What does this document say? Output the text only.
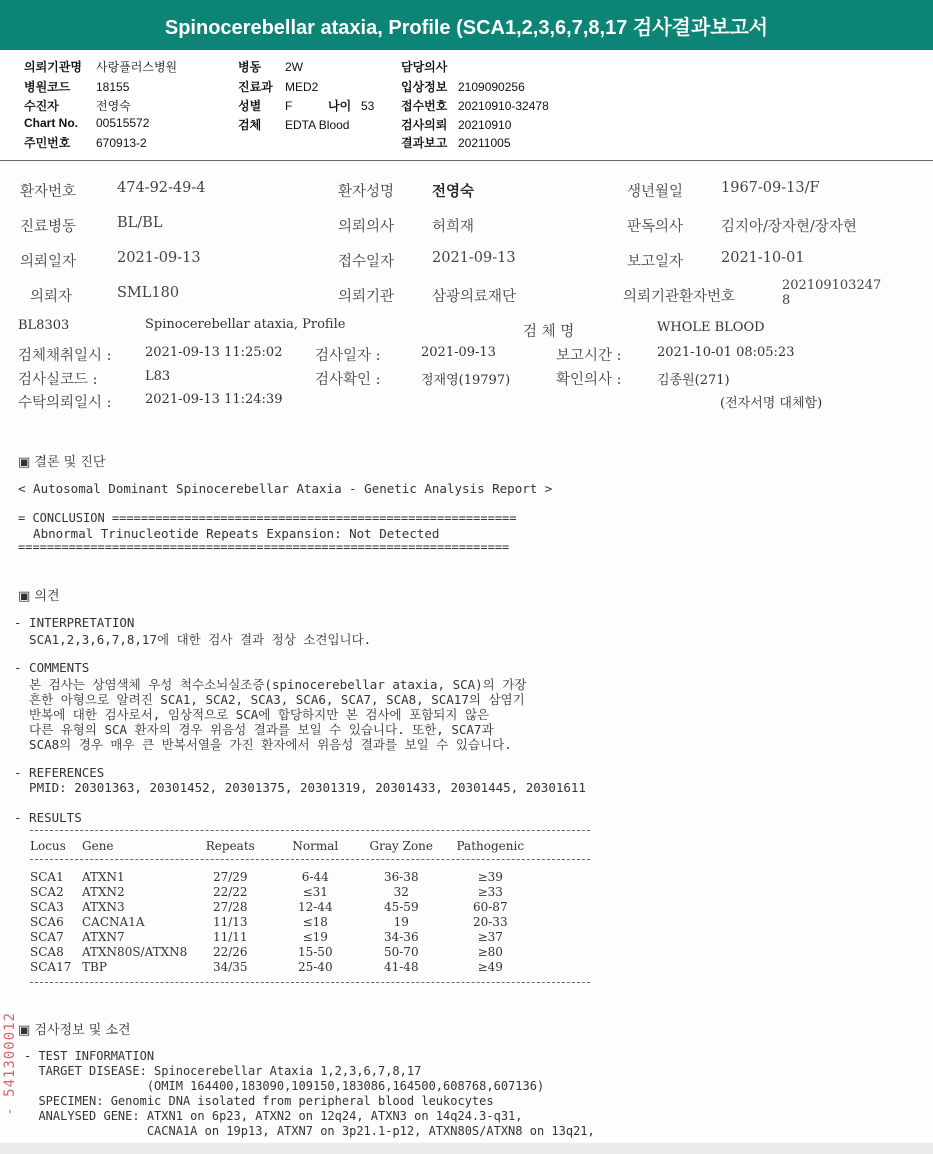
Spinocerebellar ataxia, Profile (SCA1,2,3,6,7,8,17 검사결과보고서
의뢰기관명 사랑플러스병원
병원코드 18155
수진자	전영숙
Chart No. 00515572
주민번호 670913-2
병동 2W
진료과 MED2
성별 F	나이 53
검체 EDTA Blood
담당의사
입상정보 2109090256
접수번호 20210910-32478
검사의뢰 20210910
결과보고 20211005
환자번호	474-92-49-4	환자성명	전영숙	생년월일	1967-09-13/F
진료병동	BL/BL	의뢰의사	허희재	판독의사	김지아/장자현/장자현
의뢰일자	2021-09-13	접수일자	2021-09-13	보고일자	2021-10-01
의뢰자	SML180	의뢰기관	삼광의료재단	의뢰기관환자번호
202109103247 8
BL8303	Spinocerebellar ataxia, Profile	검 체 명	WHOLE BLOOD
검체채취일시 :	2021-09-13 11:25:02 검사일자 :	2021-09-13	보고시간 :	2021-10-01 08:05:23
검사실코드 :	L83	검사확인 :	정재영(19797)	확인의사 :	김종원(271)
수탁의뢰일시 :	2021-09-13 11:24:39	(전자서명 대체함)
▣ 결론 및 진단
< Autosomal Dominant Spinocerebellar Ataxia - Genetic Analysis Report >
= CONCLUSION ========================================================
Abnormal Trinucleotide Repeats Expansion: Not Detected
====================================================================
▣ 의견
- INTERPRETATION
SCA1,2,3,6,7,8,17에 대한 검사 결과 정상 소견입니다.
- COMMENTS
본 검사는 상염색체 우성 척수소뇌실조증(spinocerebellar ataxia, SCA)의 가장
흔한 아형으로 알려진 SCA1, SCA2, SCA3, SCA6, SCA7, SCA8, SCA17의 삼염기
반복에 대한 검사로서, 임상적으로 SCA에 합당하지만 본 검사에 포함되지 않은
다른 유형의 SCA 환자의 경우 위음성 결과를 보일 수 있습니다. 또한, SCA7과
SCA8의 경우 매우 큰 반복서열을 가진 환자에서 위음성 결과를 보일 수 있습니다.
- REFERENCES
PMID: 20301363, 20301452, 20301375, 20301319, 20301433, 20301445, 20301611
- RESULTS
Locus	Gene	Repeats	Normal	Gray Zone	Pathogenic

SCA1	ATXN1	27/29	6-44	36-38	≥39
SCA2	ATXN2	22/22	≤31	32	≥33
SCA3	ATXN3	27/28	12-44	45-59	60-87
SCA6	CACNA1A	11/13	≤18	19	20-33
SCA7	ATXN7	11/11	≤19	34-36	≥37
SCA8	ATXN80S/ATXN8	22/26	15-50	50-70	≥80
SCA17	TBP	34/35	25-40	41-48	≥49
▣ 검사정보 및 소견
- TEST INFORMATION
TARGET DISEASE: Spinocerebellar Ataxia 1,2,3,6,7,8,17
(OMIM 164400,183090,109150,183086,164500,608768,607136)
SPECIMEN: Genomic DNA isolated from peripheral blood leukocytes
ANALYSED GENE: ATXN1 on 6p23, ATXN2 on 12q24, ATXN3 on 14q24.3-q31,
CACNA1A on 19p13, ATXN7 on 3p21.1-p12, ATXN80S/ATXN8 on 13q21,
- 541300012
